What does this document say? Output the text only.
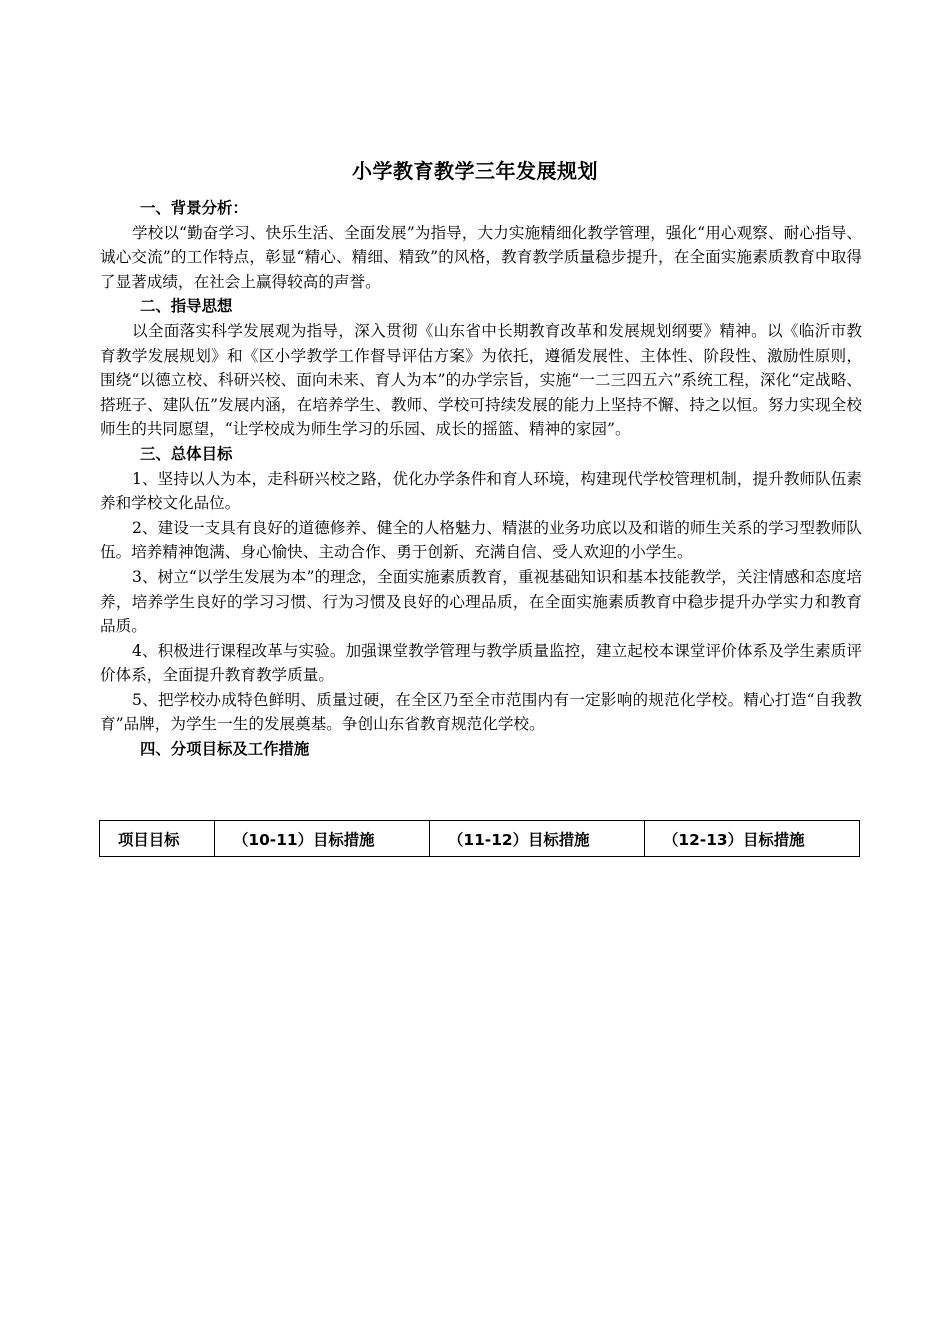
小学教育教学三年发展规划

一、背景分析：

学校以“勤奋学习、快乐生活、全面发展”为指导，大力实施精细化教学管理，强化“用心观察、耐心指导、诚心交流”的工作特点，彰显“精心、精细、精致”的风格，教育教学质量稳步提升，在全面实施素质教育中取得了显著成绩，在社会上赢得较高的声誉。

二、指导思想

以全面落实科学发展观为指导，深入贯彻《山东省中长期教育改革和发展规划纲要》精神。以《临沂市教育教学发展规划》和《区小学教学工作督导评估方案》为依托，遵循发展性、主体性、阶段性、激励性原则，围绕“以德立校、科研兴校、面向未来、育人为本”的办学宗旨，实施“一二三四五六”系统工程，深化“定战略、搭班子、建队伍”发展内涵，在培养学生、教师、学校可持续发展的能力上坚持不懈、持之以恒。努力实现全校师生的共同愿望，“让学校成为师生学习的乐园、成长的摇篮、精神的家园”。

三、总体目标

1、坚持以人为本，走科研兴校之路，优化办学条件和育人环境，构建现代学校管理机制，提升教师队伍素养和学校文化品位。

2、建设一支具有良好的道德修养、健全的人格魅力、精湛的业务功底以及和谐的师生关系的学习型教师队伍。培养精神饱满、身心愉快、主动合作、勇于创新、充满自信、受人欢迎的小学生。

3、树立“以学生发展为本”的理念，全面实施素质教育，重视基础知识和基本技能教学，关注情感和态度培养，培养学生良好的学习习惯、行为习惯及良好的心理品质，在全面实施素质教育中稳步提升办学实力和教育品质。

4、积极进行课程改革与实验。加强课堂教学管理与教学质量监控，建立起校本课堂评价体系及学生素质评价体系，全面提升教育教学质量。

5、把学校办成特色鲜明、质量过硬，在全区乃至全市范围内有一定影响的规范化学校。精心打造“自我教育”品牌，为学生一生的发展奠基。争创山东省教育规范化学校。

四、分项目标及工作措施

项目目标	（10-11）目标措施	（11-12）目标措施	（12-13）目标措施
